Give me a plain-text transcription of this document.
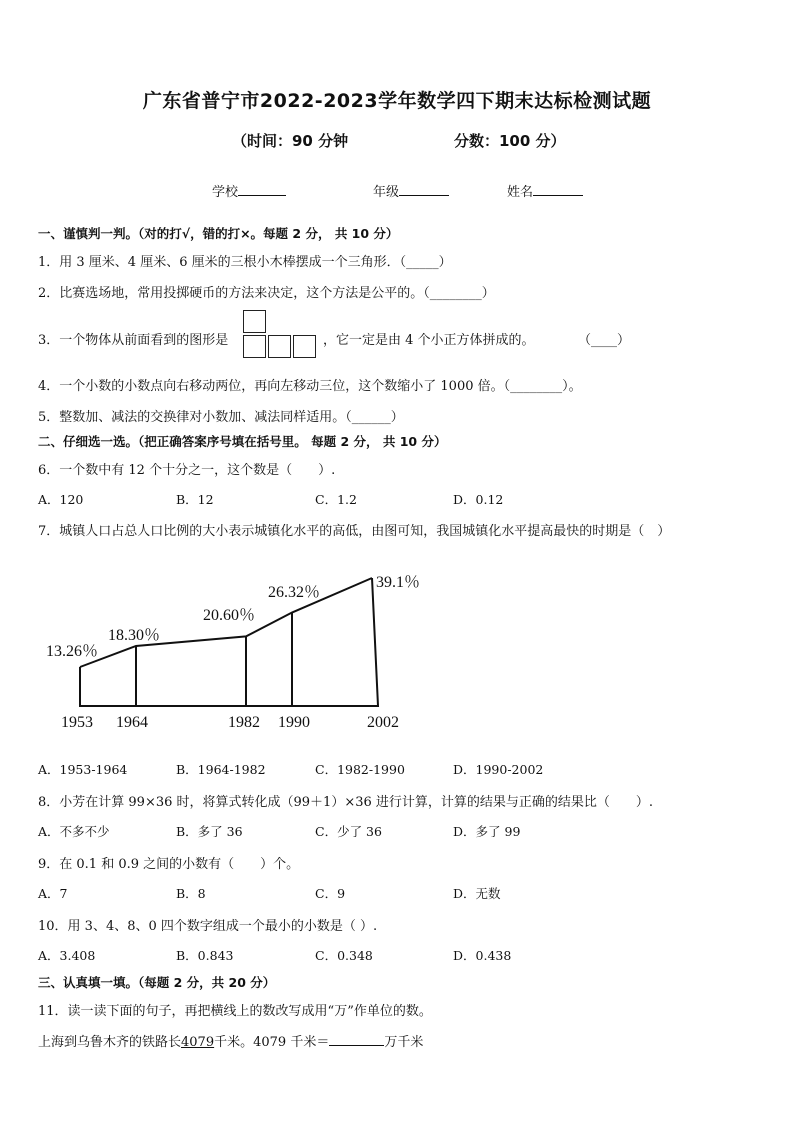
广东省普宁市2022-2023学年数学四下期末达标检测试题
（时间：90 分钟	分数：100 分）
学校	年级	姓名
一、谨慎判一判。（对的打√，错的打×。每题 2 分， 共 10 分）
1．用 3 厘米、4 厘米、6 厘米的三根小木棒摆成一个三角形．（_____）
2．比赛选场地，常用投掷硬币的方法来决定，这个方法是公平的。（________）
3．一个物体从前面看到的图形是	，它一定是由 4 个小正方体拼成的。	（____）
4．一个小数的小数点向右移动两位，再向左移动三位，这个数缩小了 1000 倍。（________）。
5．整数加、减法的交换律对小数加、减法同样适用。（______）
二、仔细选一选。（把正确答案序号填在括号里。 每题 2 分， 共 10 分）
6．一个数中有 12 个十分之一，这个数是（　　）.
A．120	B．12	C．1.2	D．0.12
7．城镇人口占总人口比例的大小表示城镇化水平的高低，由图可知，我国城镇化水平提高最快的时期是（　）
13.26％
18.30％
20.60％
26.32％
39.1％
1953 1964	1982 1990	2002
A．1953-1964	B．1964-1982	C．1982-1990	D．1990-2002
8．小芳在计算 99×36 时，将算式转化成（99＋1）×36 进行计算，计算的结果与正确的结果比（　　）.
A．不多不少	B．多了 36	C．少了 36	D．多了 99
9．在 0.1 和 0.9 之间的小数有（　　）个。
A．7	B．8	C．9	D．无数
10．用 3、4、8、0 四个数字组成一个最小的小数是（ ）.
A．3.408	B．0.843	C．0.348	D．0.438
三、认真填一填。（每题 2 分，共 20 分）
11．读一读下面的句子，再把横线上的数改写成用“万”作单位的数。
上海到乌鲁木齐的铁路长4079千米。4079 千米＝	万千米
